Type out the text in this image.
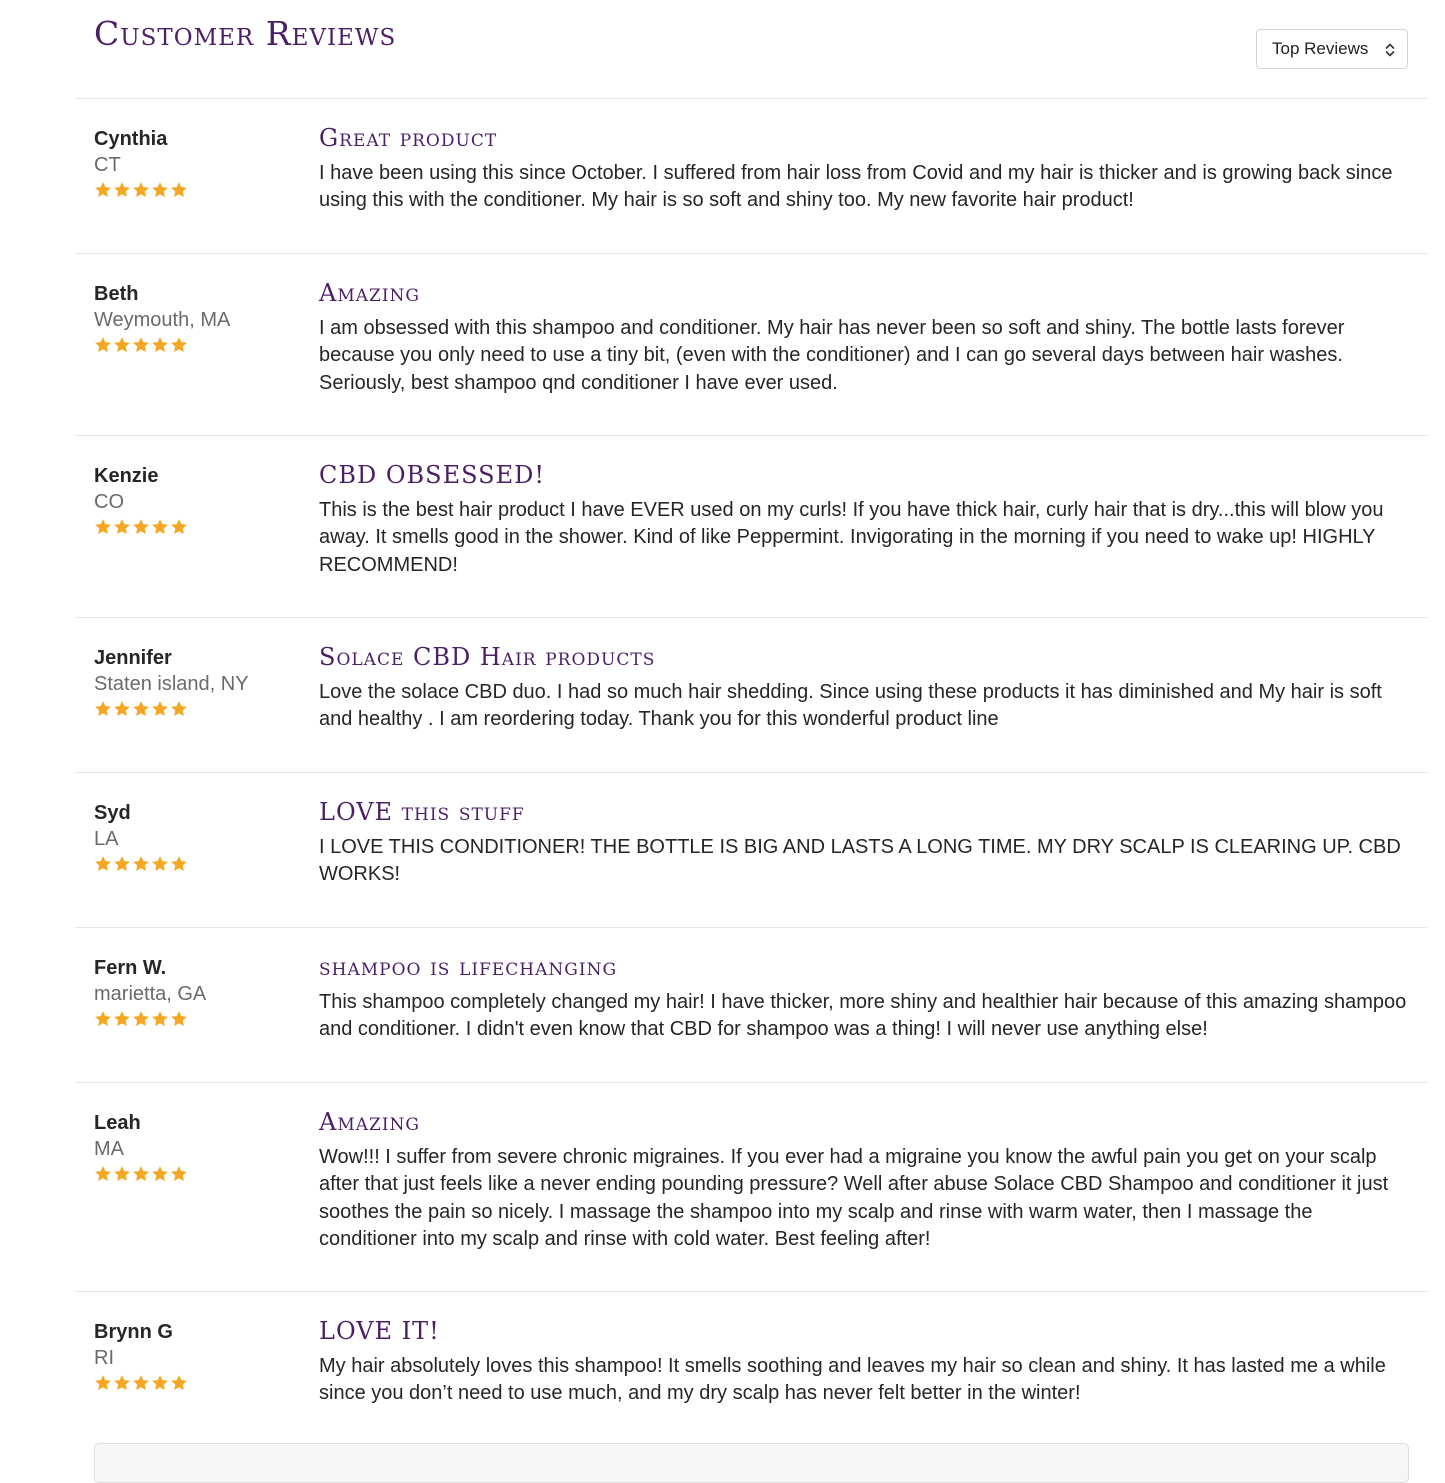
Customer Reviews	Top Reviews
Cynthia
CT
Great product

I have been using this since October. I suffered from hair loss from Covid and my hair is thicker and is growing back since using this with the conditioner. My hair is so soft and shiny too. My new favorite hair product!

Beth
Weymouth, MA
Amazing

I am obsessed with this shampoo and conditioner. My hair has never been so soft and shiny. The bottle lasts forever because you only need to use a tiny bit, (even with the conditioner) and I can go several days between hair washes. Seriously, best shampoo qnd conditioner I have ever used.

Kenzie
CO
CBD OBSESSED!

This is the best hair product I have EVER used on my curls! If you have thick hair, curly hair that is dry...this will blow you away. It smells good in the shower. Kind of like Peppermint. Invigorating in the morning if you need to wake up! HIGHLY RECOMMEND!

Jennifer
Staten island, NY
Solace CBD Hair products

Love the solace CBD duo. I had so much hair shedding. Since using these products it has diminished and My hair is soft and healthy . I am reordering today. Thank you for this wonderful product line

Syd
LA
LOVE this stuff

I LOVE THIS CONDITIONER! THE BOTTLE IS BIG AND LASTS A LONG TIME. MY DRY SCALP IS CLEARING UP. CBD WORKS!

Fern W.
marietta, GA
shampoo is lifechanging

This shampoo completely changed my hair! I have thicker, more shiny and healthier hair because of this amazing shampoo and conditioner. I didn't even know that CBD for shampoo was a thing! I will never use anything else!

Leah
MA
Amazing

Wow!!! I suffer from severe chronic migraines. If you ever had a migraine you know the awful pain you get on your scalp after that just feels like a never ending pounding pressure? Well after abuse Solace CBD Shampoo and conditioner it just soothes the pain so nicely. I massage the shampoo into my scalp and rinse with warm water, then I massage the conditioner into my scalp and rinse with cold water. Best feeling after!

Brynn G
RI
LOVE IT!

My hair absolutely loves this shampoo! It smells soothing and leaves my hair so clean and shiny. It has lasted me a while since you don’t need to use much, and my dry scalp has never felt better in the winter!
